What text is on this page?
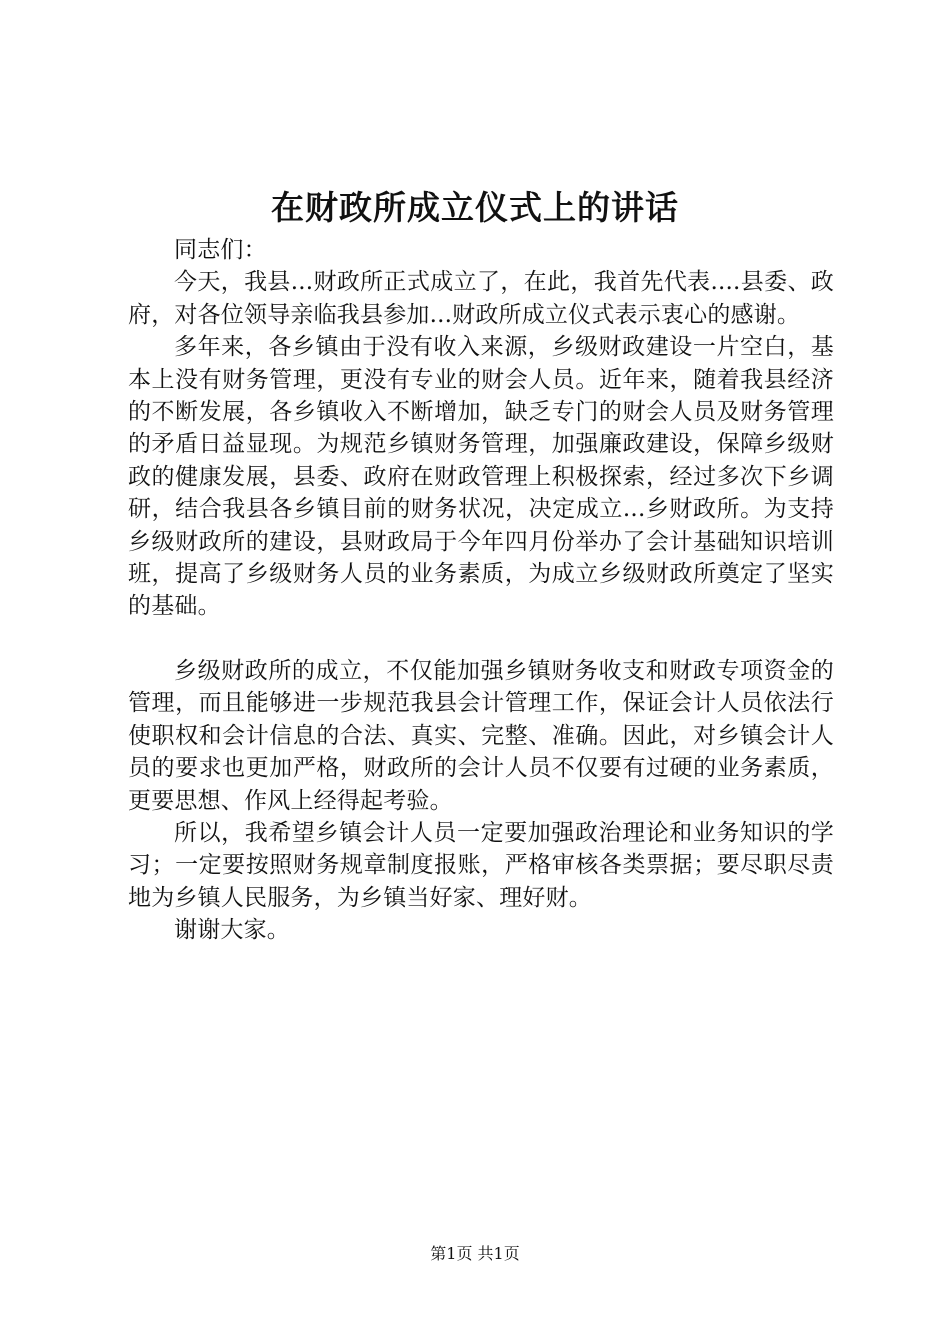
在财政所成立仪式上的讲话

同志们：

今天，我县...财政所正式成立了，在此，我首先代表....县委、政府，对各位领导亲临我县参加...财政所成立仪式表示衷心的感谢。

多年来，各乡镇由于没有收入来源，乡级财政建设一片空白，基本上没有财务管理，更没有专业的财会人员。近年来，随着我县经济的不断发展，各乡镇收入不断增加，缺乏专门的财会人员及财务管理的矛盾日益显现。为规范乡镇财务管理，加强廉政建设，保障乡级财政的健康发展，县委、政府在财政管理上积极探索，经过多次下乡调研，结合我县各乡镇目前的财务状况，决定成立...乡财政所。为支持乡级财政所的建设，县财政局于今年四月份举办了会计基础知识培训班，提高了乡级财务人员的业务素质，为成立乡级财政所奠定了坚实的基础。

乡级财政所的成立，不仅能加强乡镇财务收支和财政专项资金的管理，而且能够进一步规范我县会计管理工作，保证会计人员依法行使职权和会计信息的合法、真实、完整、准确。因此，对乡镇会计人员的要求也更加严格，财政所的会计人员不仅要有过硬的业务素质，更要思想、作风上经得起考验。

所以，我希望乡镇会计人员一定要加强政治理论和业务知识的学习；一定要按照财务规章制度报账，严格审核各类票据；要尽职尽责地为乡镇人民服务，为乡镇当好家、理好财。

谢谢大家。

第1页 共1页
